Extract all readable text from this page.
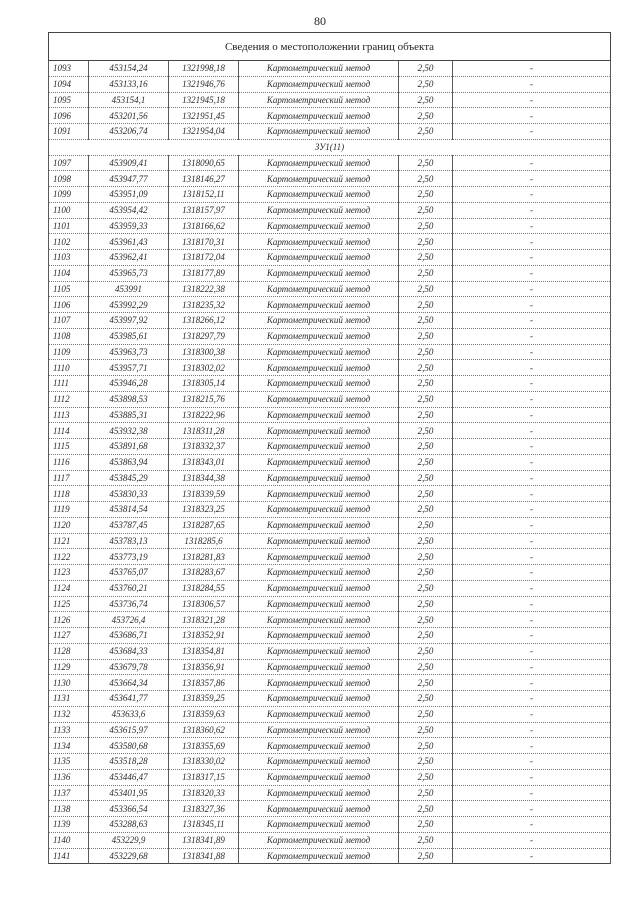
80
Сведения о местоположении границ объекта					
1093	453154,24	1321998,18	Картометрический метод	2,50	-
1094	453133,16	1321946,76	Картометрический метод	2,50	-
1095	453154,1	1321945,18	Картометрический метод	2,50	-
1096	453201,56	1321951,45	Картометрический метод	2,50	-
1091	453206,74	1321954,04	Картометрический метод	2,50	-
ЗУ1(11)					
1097	453909,41	1318090,65	Картометрический метод	2,50	-
1098	453947,77	1318146,27	Картометрический метод	2,50	-
1099	453951,09	1318152,11	Картометрический метод	2,50	-
1100	453954,42	1318157,97	Картометрический метод	2,50	-
1101	453959,33	1318166,62	Картометрический метод	2,50	-
1102	453961,43	1318170,31	Картометрический метод	2,50	-
1103	453962,41	1318172,04	Картометрический метод	2,50	-
1104	453965,73	1318177,89	Картометрический метод	2,50	-
1105	453991	1318222,38	Картометрический метод	2,50	-
1106	453992,29	1318235,32	Картометрический метод	2,50	-
1107	453997,92	1318266,12	Картометрический метод	2,50	-
1108	453985,61	1318297,79	Картометрический метод	2,50	-
1109	453963,73	1318300,38	Картометрический метод	2,50	-
1110	453957,71	1318302,02	Картометрический метод	2,50	-
1111	453946,28	1318305,14	Картометрический метод	2,50	-
1112	453898,53	1318215,76	Картометрический метод	2,50	-
1113	453885,31	1318222,96	Картометрический метод	2,50	-
1114	453932,38	1318311,28	Картометрический метод	2,50	-
1115	453891,68	1318332,37	Картометрический метод	2,50	-
1116	453863,94	1318343,01	Картометрический метод	2,50	-
1117	453845,29	1318344,38	Картометрический метод	2,50	-
1118	453830,33	1318339,59	Картометрический метод	2,50	-
1119	453814,54	1318323,25	Картометрический метод	2,50	-
1120	453787,45	1318287,65	Картометрический метод	2,50	-
1121	453783,13	1318285,6	Картометрический метод	2,50	-
1122	453773,19	1318281,83	Картометрический метод	2,50	-
1123	453765,07	1318283,67	Картометрический метод	2,50	-
1124	453760,21	1318284,55	Картометрический метод	2,50	-
1125	453736,74	1318306,57	Картометрический метод	2,50	-
1126	453726,4	1318321,28	Картометрический метод	2,50	-
1127	453686,71	1318352,91	Картометрический метод	2,50	-
1128	453684,33	1318354,81	Картометрический метод	2,50	-
1129	453679,78	1318356,91	Картометрический метод	2,50	-
1130	453664,34	1318357,86	Картометрический метод	2,50	-
1131	453641,77	1318359,25	Картометрический метод	2,50	-
1132	453633,6	1318359,63	Картометрический метод	2,50	-
1133	453615,97	1318360,62	Картометрический метод	2,50	-
1134	453580,68	1318355,69	Картометрический метод	2,50	-
1135	453518,28	1318330,02	Картометрический метод	2,50	-
1136	453446,47	1318317,15	Картометрический метод	2,50	-
1137	453401,95	1318320,33	Картометрический метод	2,50	-
1138	453366,54	1318327,36	Картометрический метод	2,50	-
1139	453288,63	1318345,11	Картометрический метод	2,50	-
1140	453229,9	1318341,89	Картометрический метод	2,50	-
1141	453229,68	1318341,88	Картометрический метод	2,50	-
